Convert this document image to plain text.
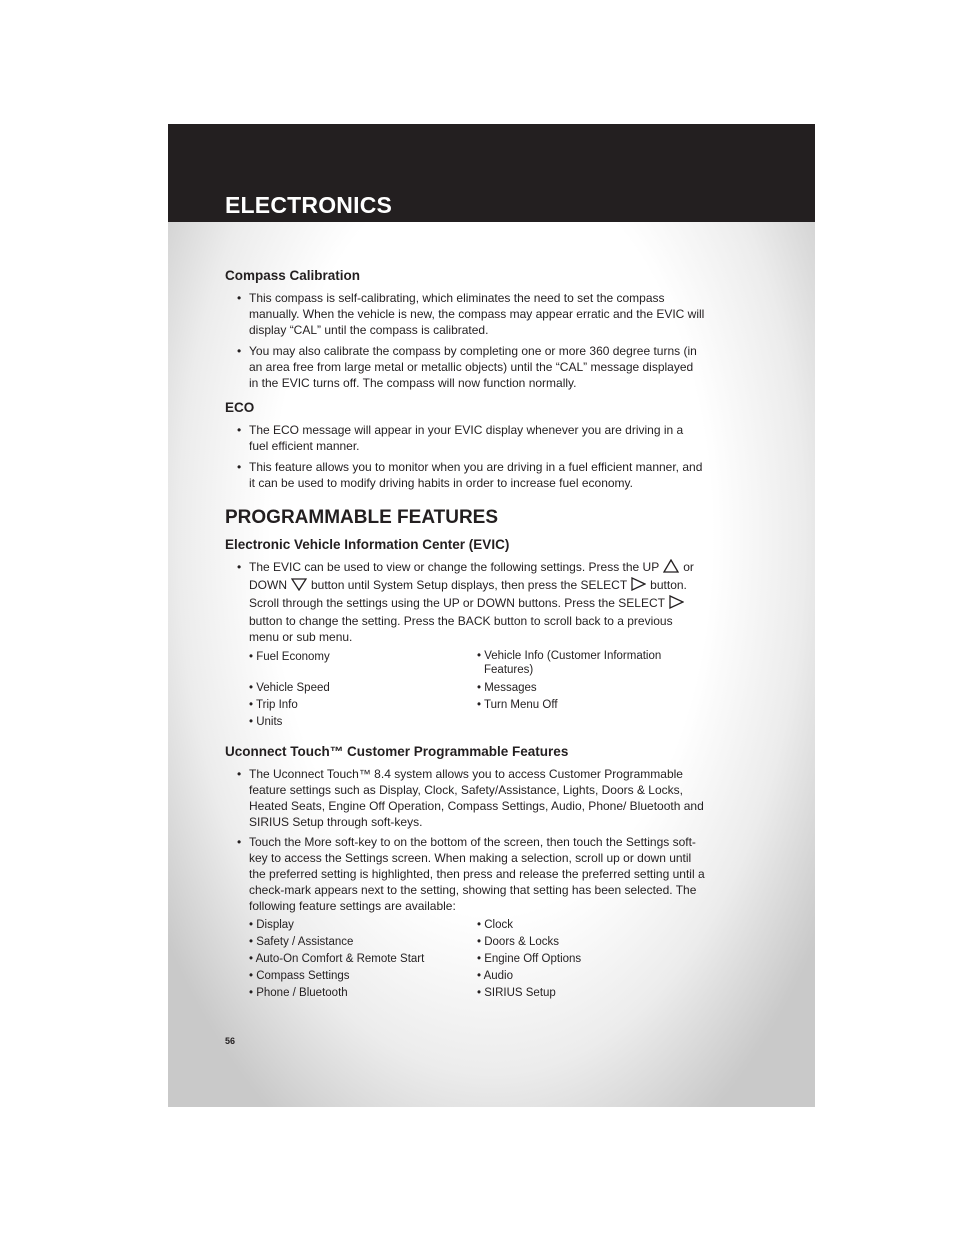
ELECTRONICS
Compass Calibration
• This compass is self-calibrating, which eliminates the need to set the compass manually. When the vehicle is new, the compass may appear erratic and the EVIC will display “CAL” until the compass is calibrated.
• You may also calibrate the compass by completing one or more 360 degree turns (in an area free from large metal or metallic objects) until the “CAL” message displayed in the EVIC turns off. The compass will now function normally.
ECO
• The ECO message will appear in your EVIC display whenever you are driving in a fuel efficient manner.
• This feature allows you to monitor when you are driving in a fuel efficient manner, and it can be used to modify driving habits in order to increase fuel economy.
PROGRAMMABLE FEATURES
Electronic Vehicle Information Center (EVIC)
• The EVIC can be used to view or change the following settings. Press the UP or DOWN button until System Setup displays, then press the SELECT button. Scroll through the settings using the UP or DOWN buttons. Press the SELECTbutton to change the setting. Press the BACK button to scroll back to a previous menu or sub menu.
• Fuel Economy
• Vehicle Speed
• Trip Info
• Units
• Vehicle Info (Customer Information Features)
• Messages
• Turn Menu Off
Uconnect Touch™ Customer Programmable Features
• The Uconnect Touch™ 8.4 system allows you to access Customer Programmable feature settings such as Display, Clock, Safety/Assistance, Lights, Doors & Locks, Heated Seats, Engine Off Operation, Compass Settings, Audio, Phone/ Bluetooth and SIRIUS Setup through soft-keys.
• Touch the More soft-key to on the bottom of the screen, then touch the Settings soft-key to access the Settings screen. When making a selection, scroll up or down until the preferred setting is highlighted, then press and release the preferred setting until a check-mark appears next to the setting, showing that setting has been selected. The following feature settings are available:
• Display
• Safety / Assistance
• Auto-On Comfort & Remote Start
• Compass Settings
• Phone / Bluetooth
• Clock
• Doors & Locks
• Engine Off Options
• Audio
• SIRIUS Setup
56
